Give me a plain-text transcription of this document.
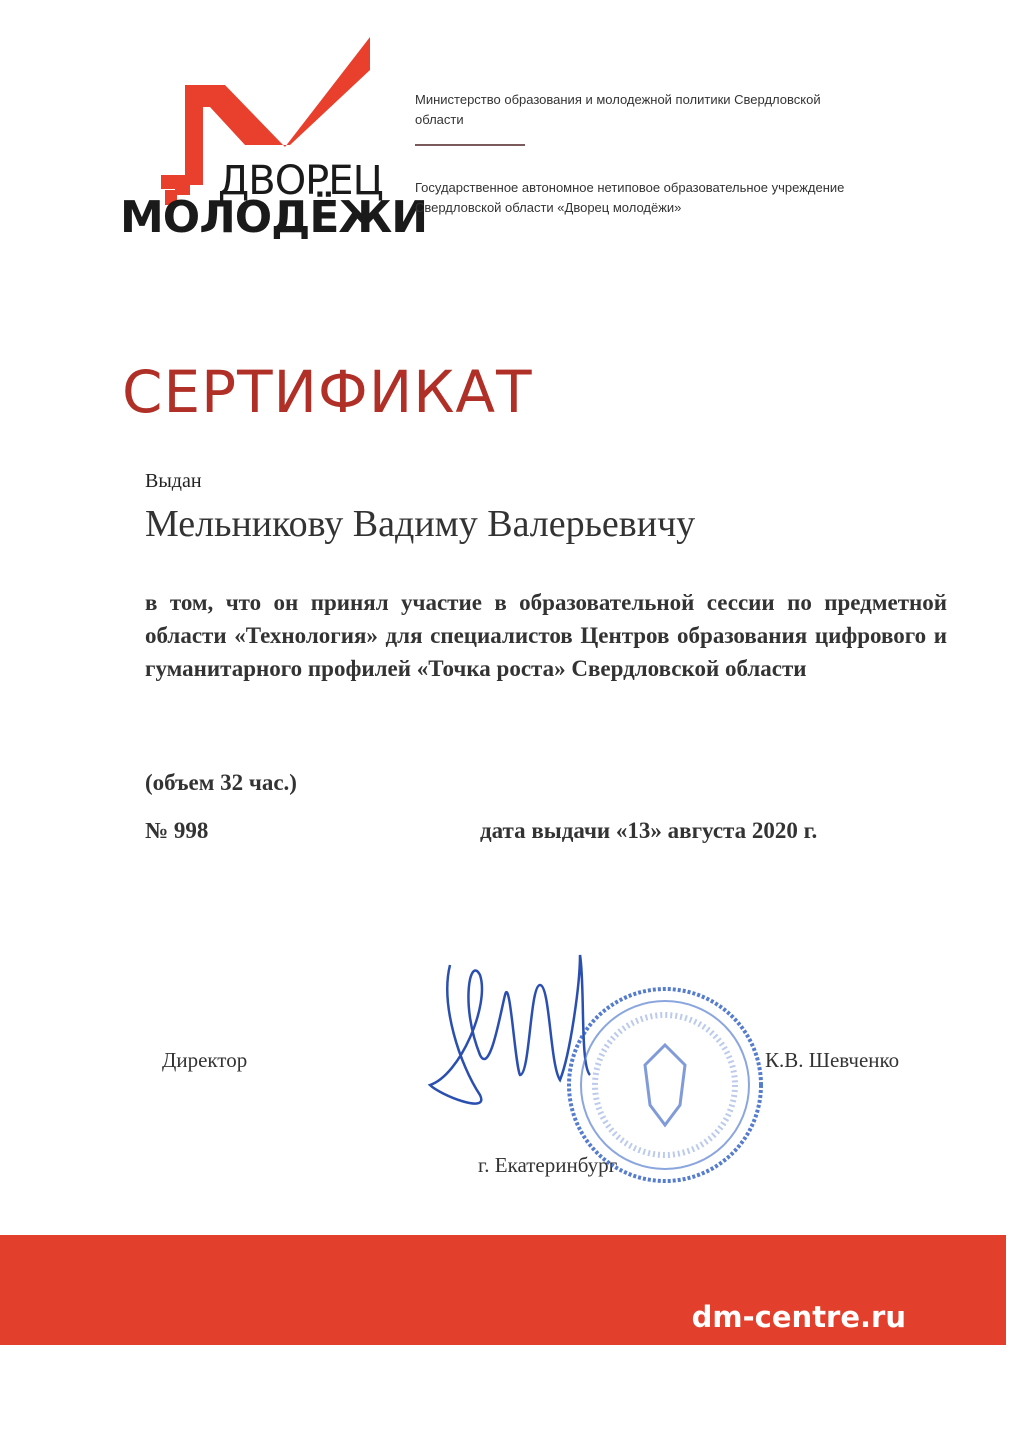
ДВОРЕЦ
МОЛОДЁЖИ
Министерство образования и молодежной политики Свердловской области
Государственное автономное нетиповое образовательное учреждение Свердловской области «Дворец молодёжи»
СЕРТИФИКАТ
Выдан
Мельникову Вадиму Валерьевичу
в том, что он принял участие в образовательной сессии по предметной области «Технология» для специалистов Центров образования цифрового и гуманитарного профилей «Точка роста» Свердловской области
(объем 32 час.)
№ 998	дата выдачи «13» августа 2020 г.
Директор	К.В. Шевченко
г. Екатеринбург
dm-centre.ru
